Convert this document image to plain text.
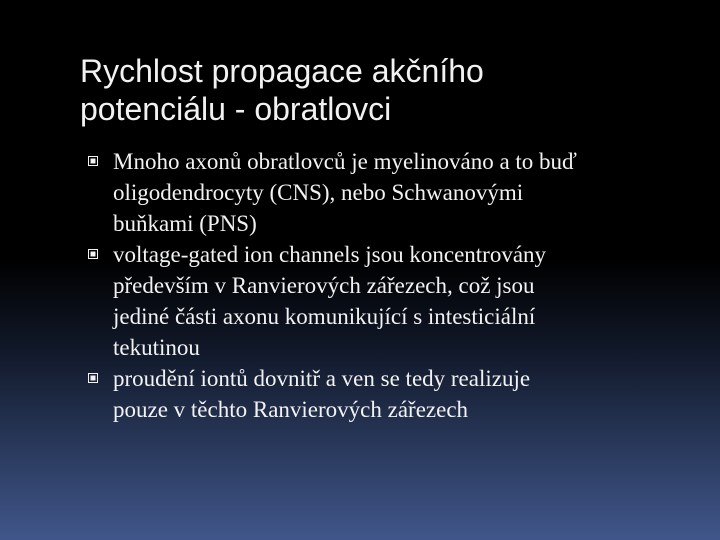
Rychlost propagace akčního
potenciálu - obratlovci
Mnoho axonů obratlovců je myelinováno a to buď
oligodendrocyty (CNS), nebo Schwanovými
buňkami (PNS)
voltage-gated ion channels jsou koncentrovány
především v Ranvierových zářezech, což jsou
jediné části axonu komunikující s intesticiální
tekutinou
proudění iontů dovnitř a ven se tedy realizuje
pouze v těchto Ranvierových zářezech
